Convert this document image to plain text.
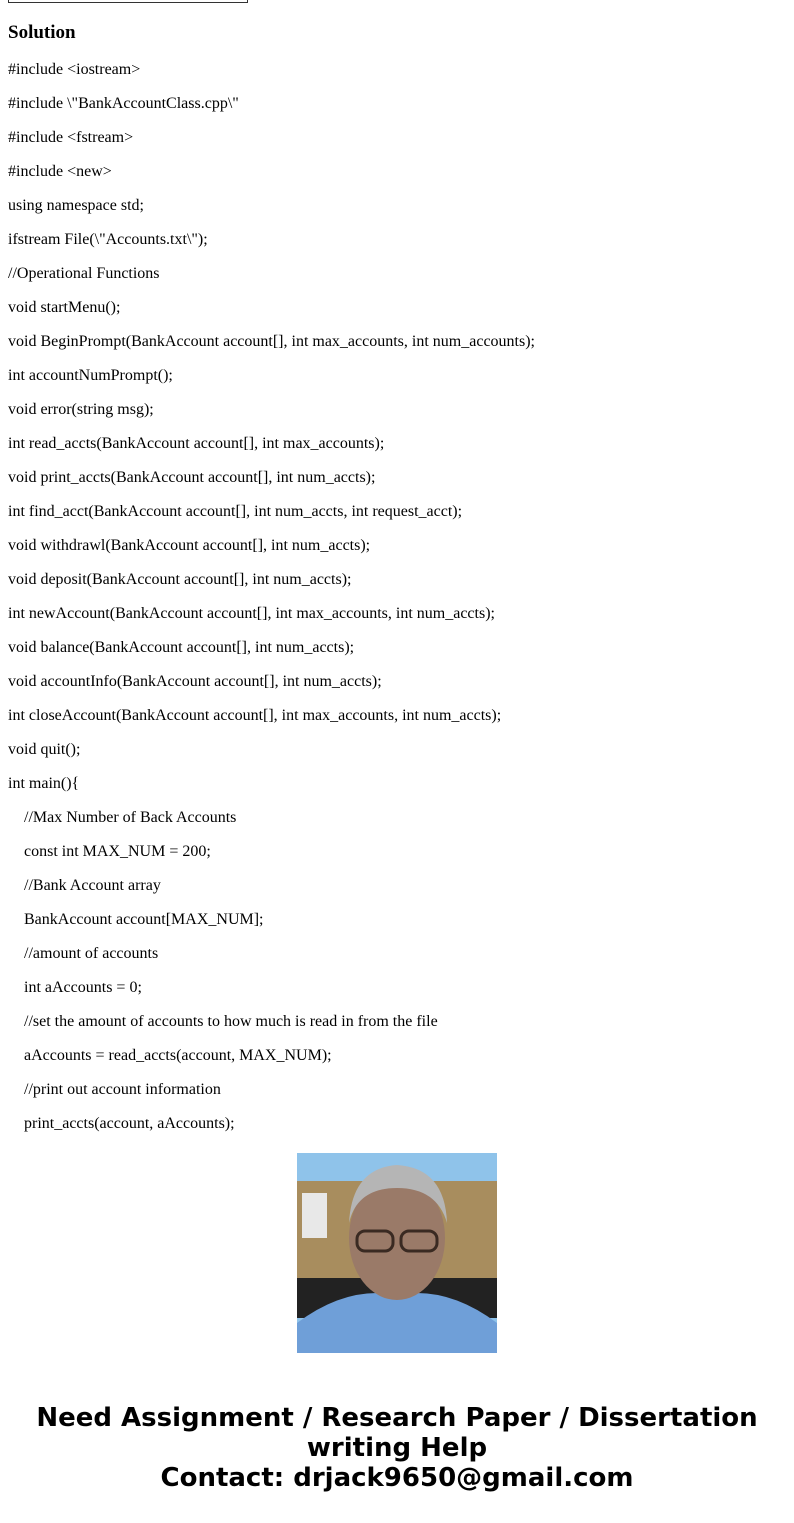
#include <iostream>
#include \"BankAccountClass.cpp\"
#include <fstream>
#include <new>
using namespace std;
ifstream File(\"Accounts.txt\");
//Operational Functions
void startMenu();
void BeginPrompt(BankAccount account[], int max_accounts, int num_accounts);
int accountNumPrompt();
void error(string msg);
int read_accts(BankAccount account[], int max_accounts);
void print_accts(BankAccount account[], int num_accts);
int find_acct(BankAccount account[], int num_accts, int request_acct);
void withdrawl(BankAccount account[], int num_accts);
void deposit(BankAccount account[], int num_accts);
int newAccount(BankAccount account[], int max_accounts, int num_accts);
void balance(BankAccount account[], int num_accts);
void accountInfo(BankAccount account[], int num_accts);
int closeAccount(BankAccount account[], int max_accounts, int num_accts);
void quit();
int main(){
//Max Number of Back Accounts
const int MAX_NUM = 200;
//Bank Account array
BankAccount account[MAX_NUM];
//amount of accounts
int aAccounts = 0;
//set the amount of accounts to how much is read in from the file
aAccounts = read_accts(account, MAX_NUM);
//print out account information
print_accts(account, aAccounts);
Solution
Need Assignment / Research Paper / Dissertation
writing Help
Contact: drjack9650@gmail.com
